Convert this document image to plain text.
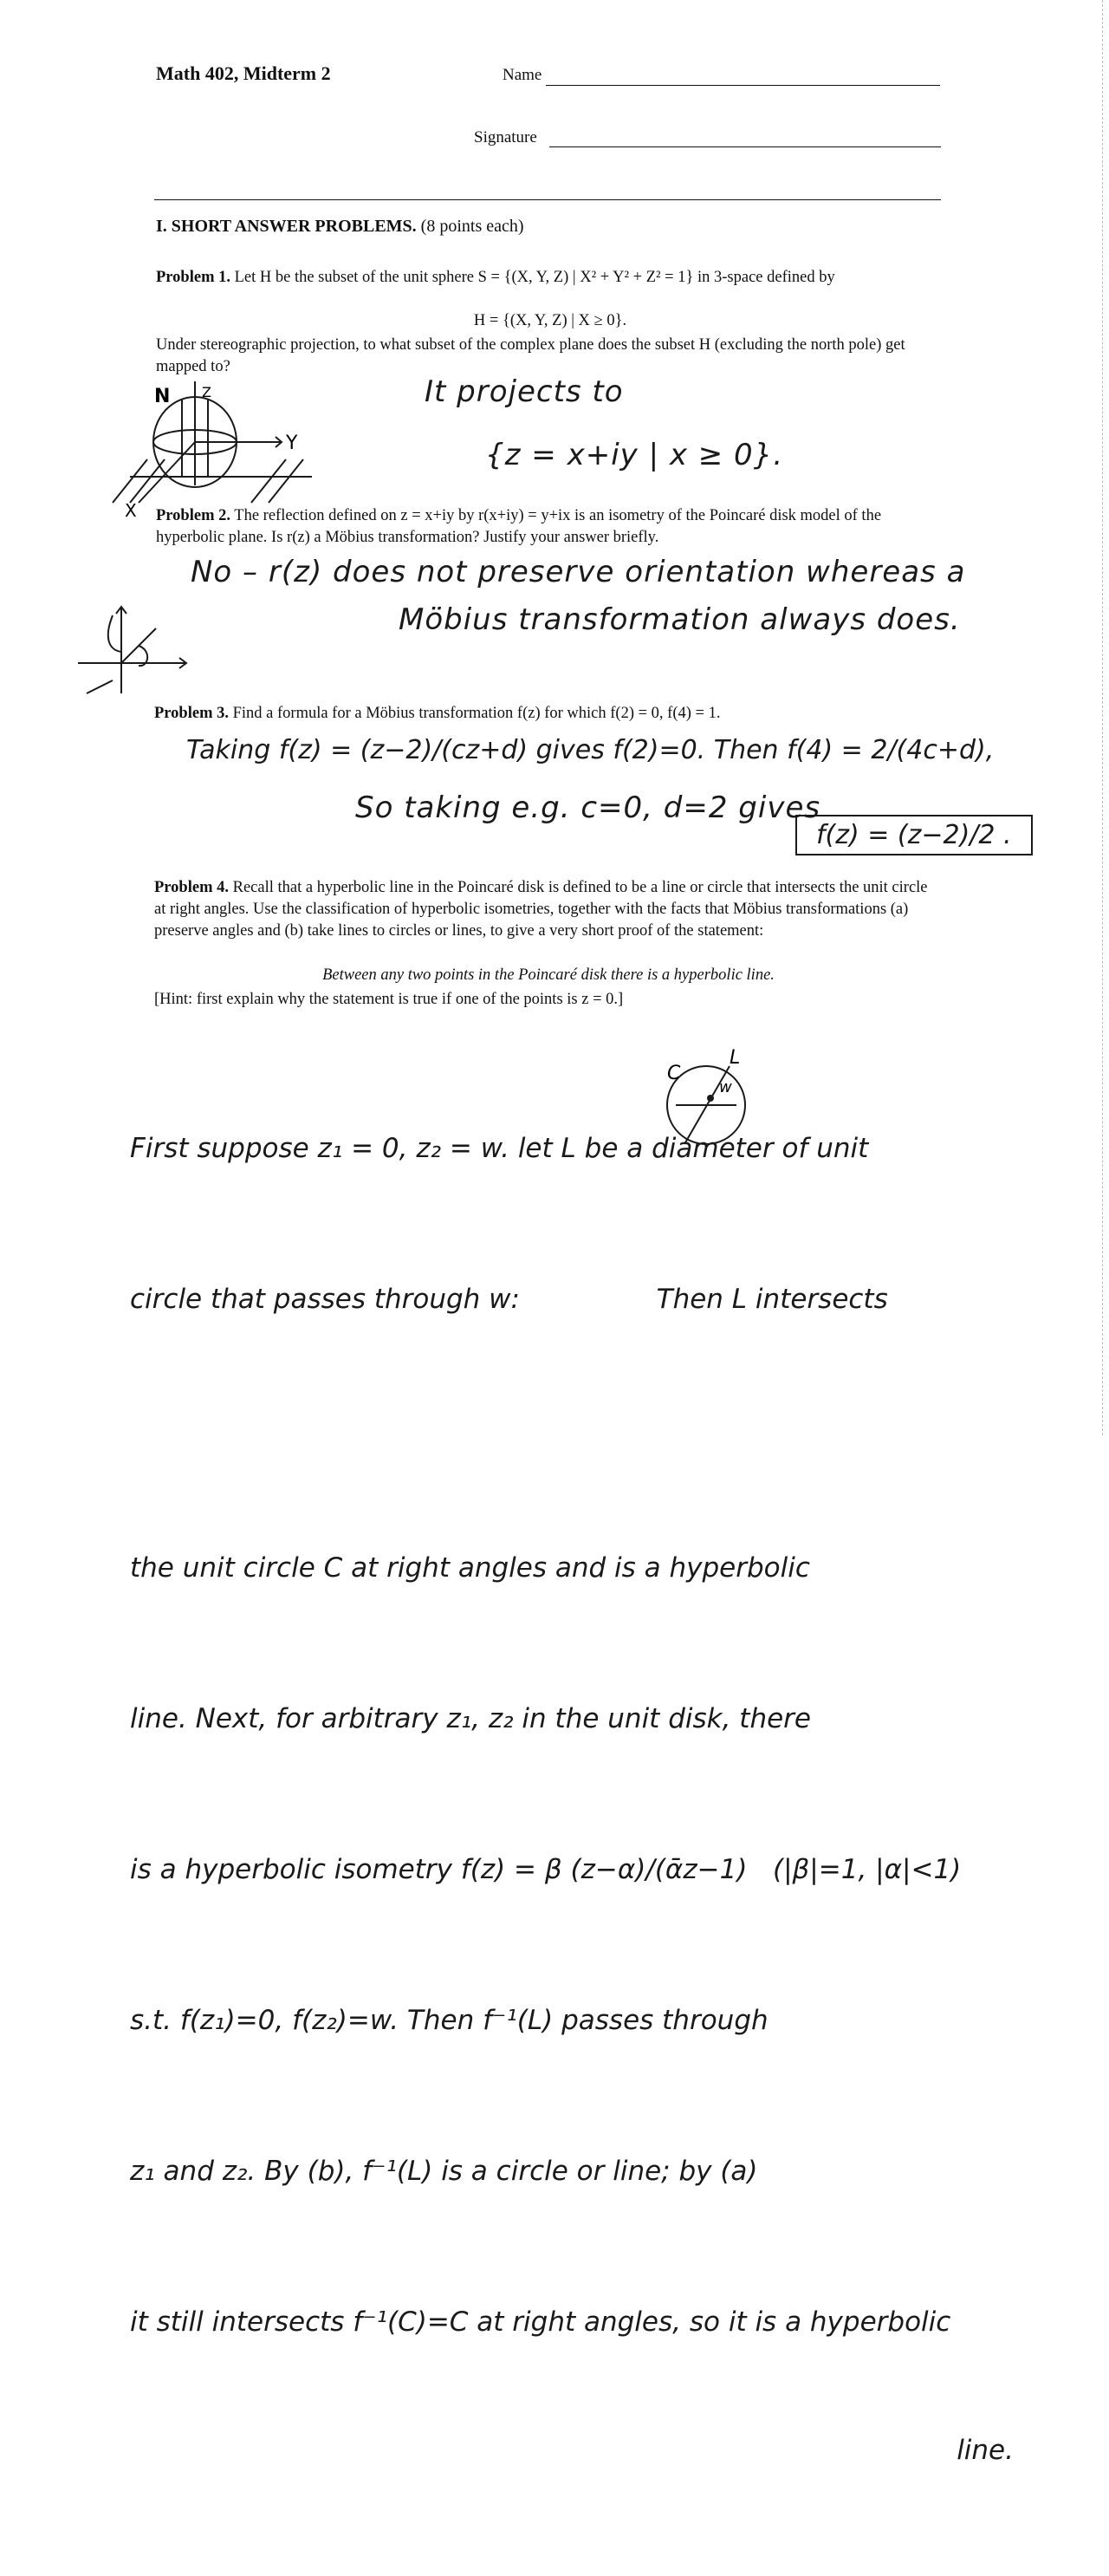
Math 402, Midterm 2	Name
Signature
I. SHORT ANSWER PROBLEMS. (8 points each)
Problem 1. Let H be the subset of the unit sphere S = {(X, Y, Z) | X² + Y² + Z² = 1} in 3-space defined by
H = {(X, Y, Z) | X ≥ 0}.
Under stereographic projection, to what subset of the complex plane does the subset H (excluding the north pole) get mapped to?
N Z
Y
X
It projects to
{z = x+iy | x ≥ 0}.
Problem 2. The reflection defined on z = x+iy by r(x+iy) = y+ix is an isometry of the Poincaré disk model of the hyperbolic plane. Is r(z) a Möbius transformation? Justify your answer briefly.
No – r(z) does not preserve orientation whereas a
Möbius transformation always does.
Problem 3. Find a formula for a Möbius transformation f(z) for which f(2) = 0, f(4) = 1.
Taking f(z) = (z−2)/(cz+d) gives f(2)=0. Then f(4) = 2/(4c+d),
So taking e.g. c=0, d=2 gives
f(z) = (z−2)/2 .
Problem 4. Recall that a hyperbolic line in the Poincaré disk is defined to be a line or circle that intersects the unit circle at right angles. Use the classification of hyperbolic isometries, together with the facts that Möbius transformations (a) preserve angles and (b) take lines to circles or lines, to give a very short proof of the statement:
Between any two points in the Poincaré disk there is a hyperbolic line.
[Hint: first explain why the statement is true if one of the points is z = 0.]

First suppose z₁ = 0, z₂ = w. let L be a diameter of unit

circle that passes through w:                Then L intersects

the unit circle C at right angles and is a hyperbolic

line. Next, for arbitrary z₁, z₂ in the unit disk, there

is a hyperbolic isometry f(z) = β (z−α)/(ᾱz−1)   (|β|=1, |α|<1)

s.t. f(z₁)=0, f(z₂)=w. Then f⁻¹(L) passes through

z₁ and z₂. By (b), f⁻¹(L) is a circle or line; by (a)

it still intersects f⁻¹(C)=C at right angles, so it is a hyperbolic

line.

C
L
w
